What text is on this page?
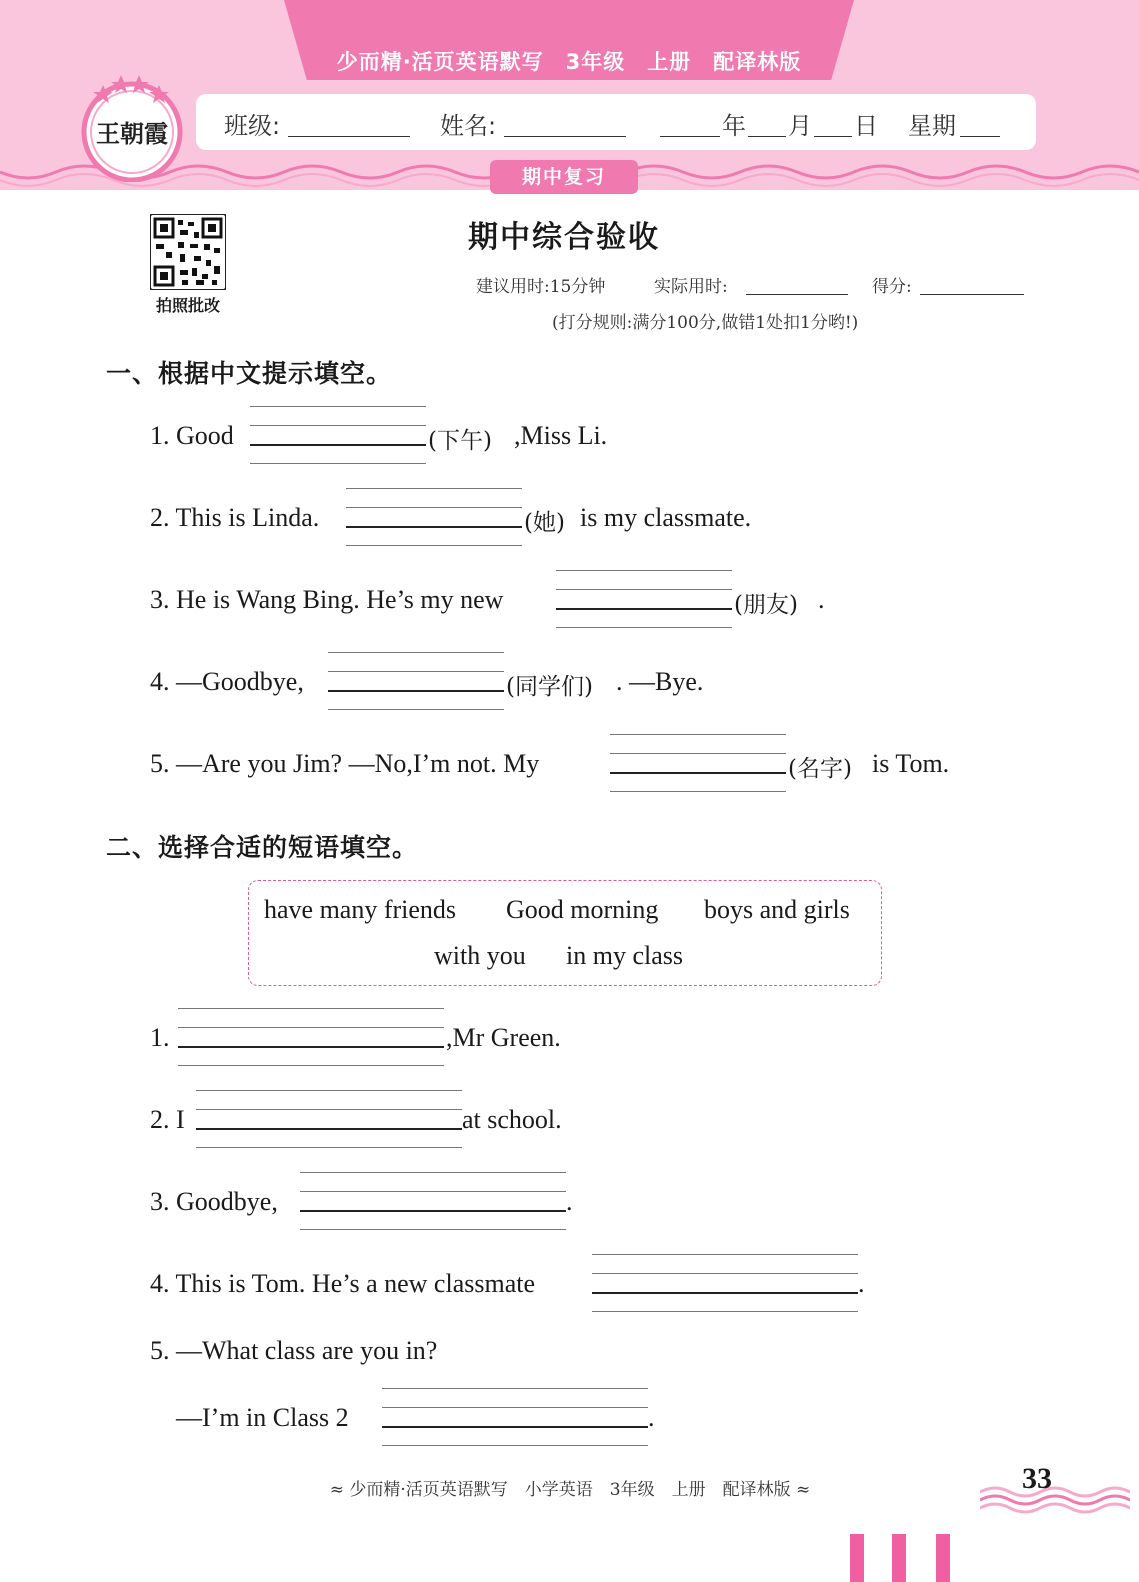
少而精·活页英语默写　3年级　上册　配译林版
班级:	姓名:	年 月 日 星期
期中复习
王朝霞
拍照批改
期中综合验收
建议用时:15分钟	实际用时:	得分:
(打分规则:满分100分,做错1处扣1分哟!)
一、根据中文提示填空。
1. Good	(下午) ,Miss Li.
2. This is Linda.	(她) is my classmate.
3. He is Wang Bing. He’s my new	(朋友) .
4. —Goodbye,	(同学们) . —Bye.
5. —Are you Jim? —No,I’m not. My	(名字) is Tom.
二、选择合适的短语填空。
have many friends Good morning boys and girls
with you in my class
1.	,Mr Green.
2. I	at school.
3. Goodbye,	.
4. This is Tom. He’s a new classmate	.
5. —What class are you in?
—I’m in Class 2	.
≈ 少而精·活页英语默写　小学英语　3年级　上册　配译林版 ≈	33
